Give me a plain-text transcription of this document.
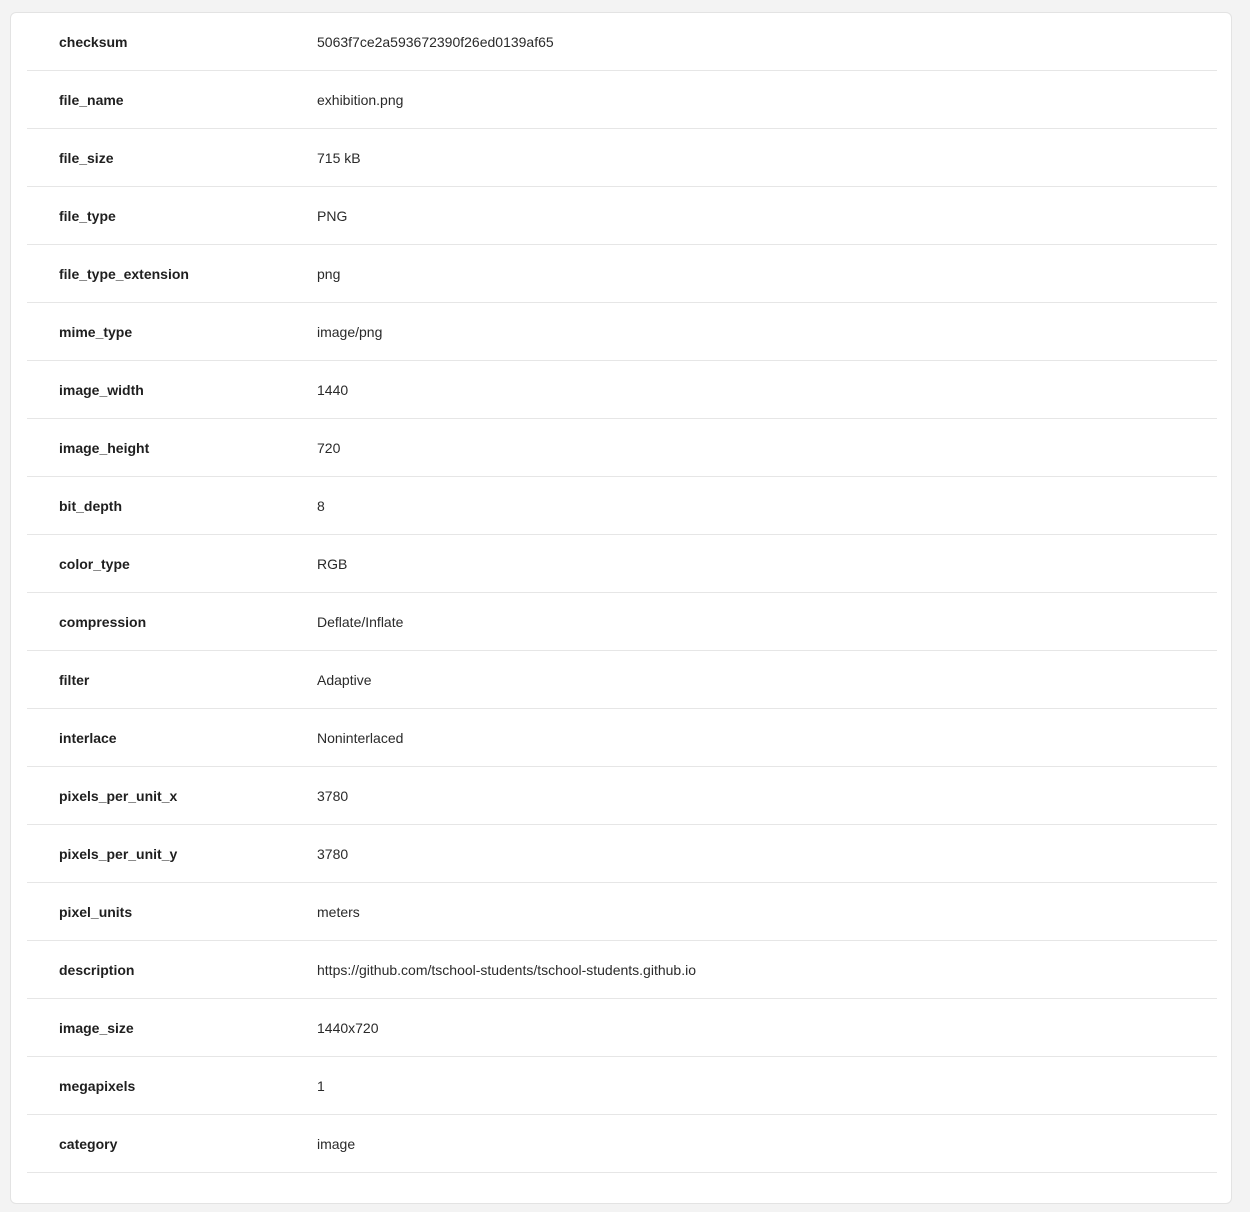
checksum	5063f7ce2a593672390f26ed0139af65
file_name	exhibition.png
file_size	715 kB
file_type	PNG
file_type_extension	png
mime_type	image/png
image_width	1440
image_height	720
bit_depth	8
color_type	RGB
compression	Deflate/Inflate
filter	Adaptive
interlace	Noninterlaced
pixels_per_unit_x	3780
pixels_per_unit_y	3780
pixel_units	meters
description	https://github.com/tschool-students/tschool-students.github.io
image_size	1440x720
megapixels	1
category	image
